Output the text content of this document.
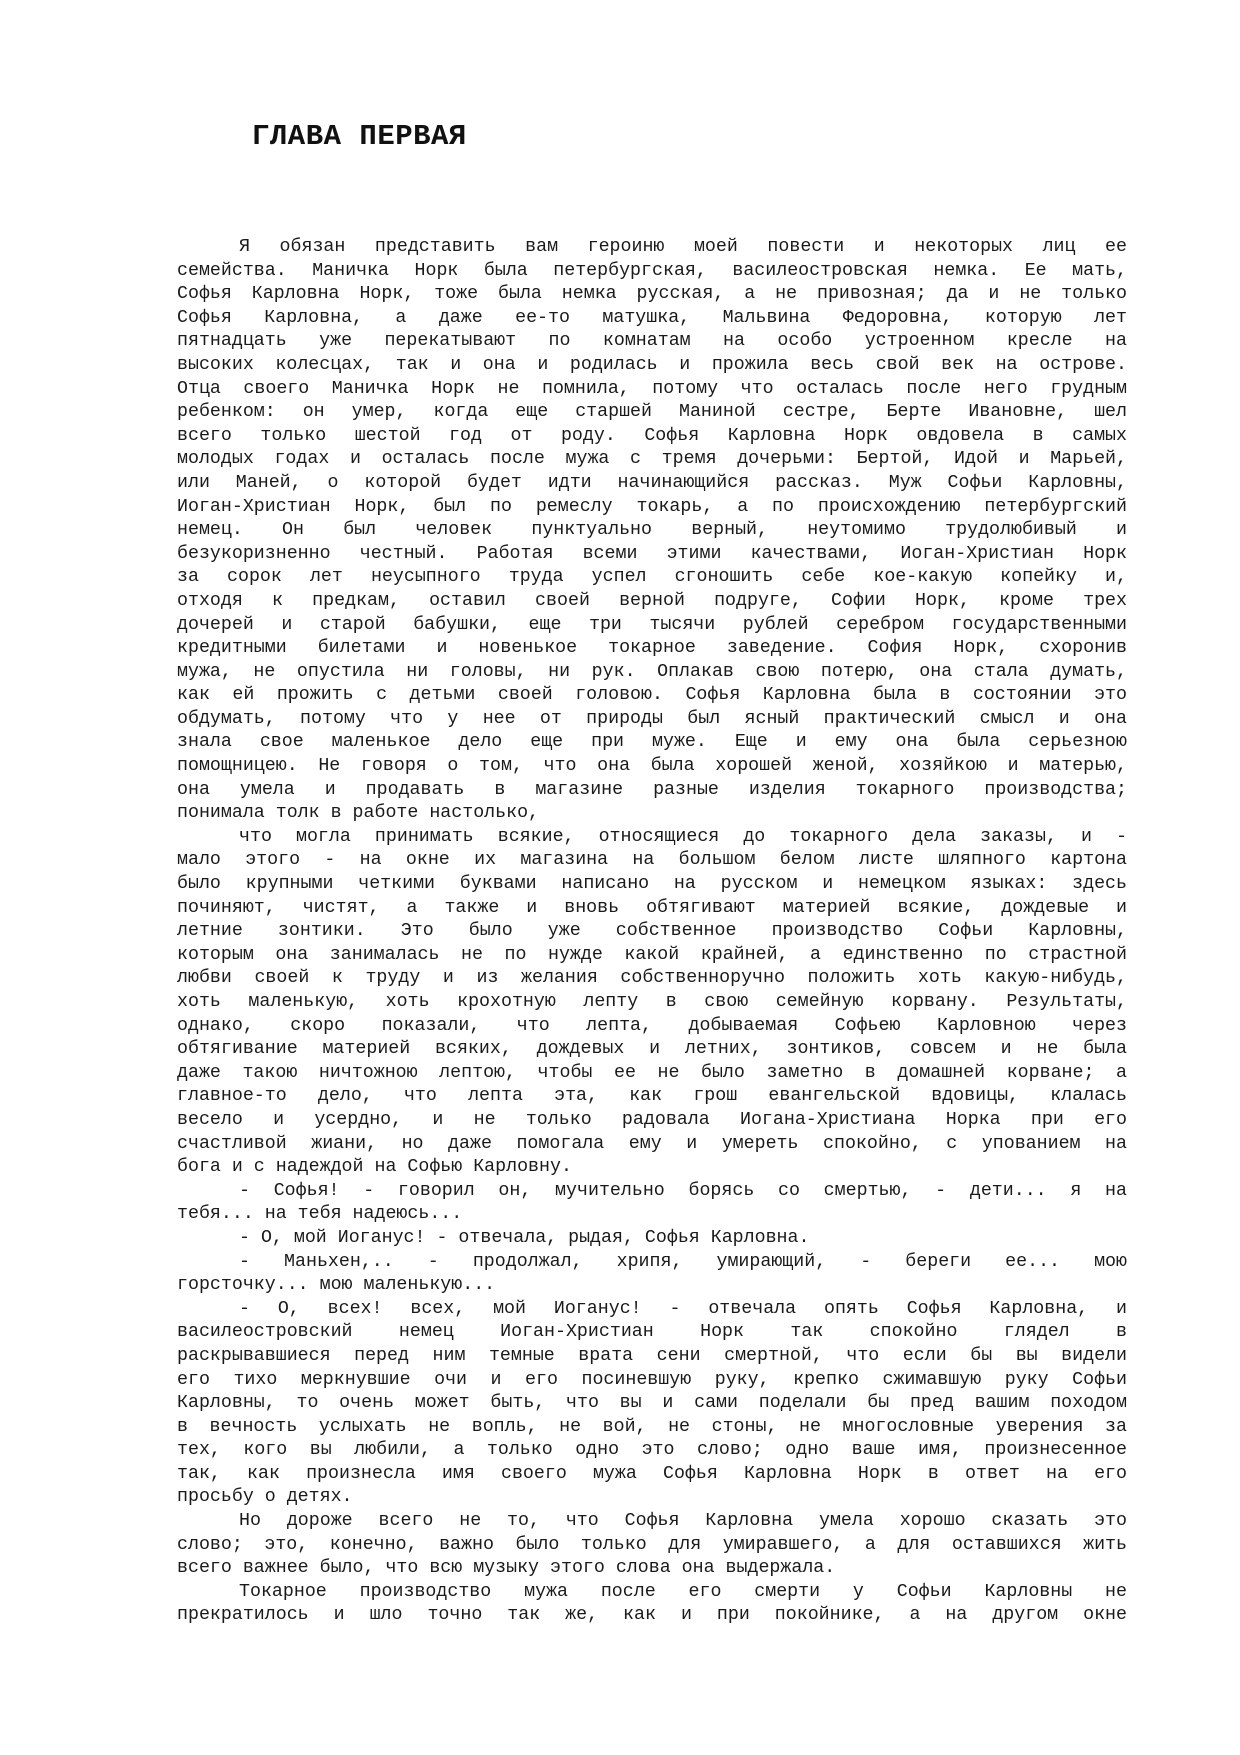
ГЛАВА ПЕРВАЯ

Я обязан представить вам героиню моей повести и некоторых лиц ее

семейства. Маничка Норк была петербургская, василеостровская немка. Ее мать,

Софья Карловна Норк, тоже была немка русская, а не привозная; да и не только

Софья Карловна, а даже ее-то матушка, Мальвина Федоровна, которую лет

пятнадцать уже перекатывают по комнатам на особо устроенном кресле на

высоких колесцах, так и она и родилась и прожила весь свой век на острове.

Отца своего Маничка Норк не помнила, потому что осталась после него грудным

ребенком: он умер, когда еще старшей Маниной сестре, Берте Ивановне, шел

всего только шестой год от роду. Софья Карловна Норк овдовела в самых

молодых годах и осталась после мужа с тремя дочерьми: Бертой, Идой и Марьей,

или Маней, о которой будет идти начинающийся рассказ. Муж Софьи Карловны,

Иоган-Христиан Норк, был по ремеслу токарь, а по происхождению петербургский

немец. Он был человек пунктуально верный, неутомимо трудолюбивый и

безукоризненно честный. Работая всеми этими качествами, Иоган-Христиан Норк

за сорок лет неусыпного труда успел сгоношить себе кое-какую копейку и,

отходя к предкам, оставил своей верной подруге, Софии Норк, кроме трех

дочерей и старой бабушки, еще три тысячи рублей серебром государственными

кредитными билетами и новенькое токарное заведение. София Норк, схоронив

мужа, не опустила ни головы, ни рук. Оплакав свою потерю, она стала думать,

как ей прожить с детьми своей головою. Софья Карловна была в состоянии это

обдумать, потому что у нее от природы был ясный практический смысл и она

знала свое маленькое дело еще при муже. Еще и ему она была серьезною

помощницею. Не говоря о том, что она была хорошей женой, хозяйкою и матерью,

она умела и продавать в магазине разные изделия токарного производства;

понимала толк в работе настолько,

что могла принимать всякие, относящиеся до токарного дела заказы, и -

мало этого - на окне их магазина на большом белом листе шляпного картона

было крупными четкими буквами написано на русском и немецком языках: здесь

починяют, чистят, а также и вновь обтягивают материей всякие, дождевые и

летние зонтики. Это было уже собственное производство Софьи Карловны,

которым она занималась не по нужде какой крайней, а единственно по страстной

любви своей к труду и из желания собственноручно положить хоть какую-нибудь,

хоть маленькую, хоть крохотную лепту в свою семейную корвану. Результаты,

однако, скоро показали, что лепта, добываемая Софьею Карловною через

обтягивание материей всяких, дождевых и летних, зонтиков, совсем и не была

даже такою ничтожною лептою, чтобы ее не было заметно в домашней корване; а

главное-то дело, что лепта эта, как грош евангельской вдовицы, клалась

весело и усердно, и не только радовала Иогана-Христиана Норка при его

счастливой жиани, но даже помогала ему и умереть спокойно, с упованием на

бога и с надеждой на Софью Карловну.

- Софья! - говорил он, мучительно борясь со смертью, - дети... я на

тебя... на тебя надеюсь...

- О, мой Иоганус! - отвечала, рыдая, Софья Карловна.

- Маньхен,.. - продолжал, хрипя, умирающий, - береги ее... мою

горсточку... мою маленькую...

- О, всех! всех, мой Иоганус! - отвечала опять Софья Карловна, и

василеостровский немец Иоган-Христиан Норк так спокойно глядел в

раскрывавшиеся перед ним темные врата сени смертной, что если бы вы видели

его тихо меркнувшие очи и его посиневшую руку, крепко сжимавшую руку Софьи

Карловны, то очень может быть, что вы и сами поделали бы пред вашим походом

в вечность услыхать не вопль, не вой, не стоны, не многословные уверения за

тех, кого вы любили, а только одно это слово; одно ваше имя, произнесенное

так, как произнесла имя своего мужа Софья Карловна Норк в ответ на его

просьбу о детях.

Но дороже всего не то, что Софья Карловна умела хорошо сказать это

слово; это, конечно, важно было только для умиравшего, а для оставшихся жить

всего важнее было, что всю музыку этого слова она выдержала.

Токарное производство мужа после его смерти у Софьи Карловны не

прекратилось и шло точно так же, как и при покойнике, а на другом окне
